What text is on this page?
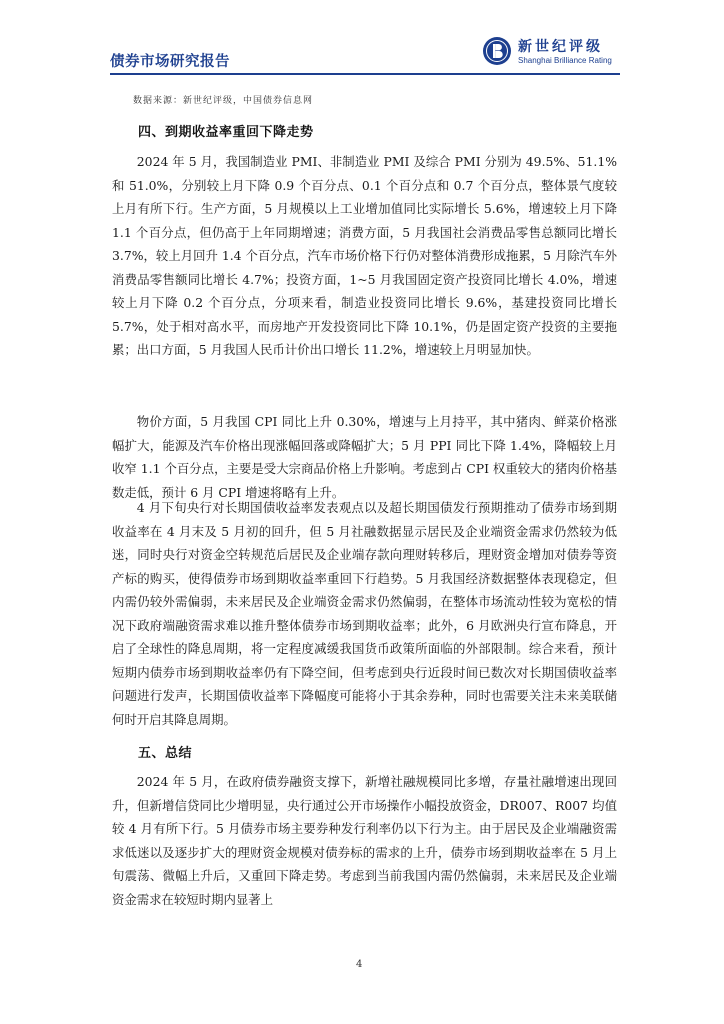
债券市场研究报告
新世纪评级
Shanghai Brilliance Rating
数据来源：新世纪评级，中国债券信息网
四、到期收益率重回下降走势

2024 年 5 月，我国制造业 PMI、非制造业 PMI 及综合 PMI 分别为 49.5%、51.1%和 51.0%，分别较上月下降 0.9 个百分点、0.1 个百分点和 0.7 个百分点，整体景气度较上月有所下行。生产方面，5 月规模以上工业增加值同比实际增长 5.6%，增速较上月下降 1.1 个百分点，但仍高于上年同期增速；消费方面，5 月我国社会消费品零售总额同比增长 3.7%，较上月回升 1.4 个百分点，汽车市场价格下行仍对整体消费形成拖累，5 月除汽车外消费品零售额同比增长 4.7%；投资方面，1~5 月我国固定资产投资同比增长 4.0%，增速较上月下降 0.2 个百分点，分项来看，制造业投资同比增长 9.6%，基建投资同比增长 5.7%，处于相对高水平，而房地产开发投资同比下降 10.1%，仍是固定资产投资的主要拖累；出口方面，5 月我国人民币计价出口增长 11.2%，增速较上月明显加快。

物价方面，5 月我国 CPI 同比上升 0.30%，增速与上月持平，其中猪肉、鲜菜价格涨幅扩大，能源及汽车价格出现涨幅回落或降幅扩大；5 月 PPI 同比下降 1.4%，降幅较上月收窄 1.1 个百分点，主要是受大宗商品价格上升影响。考虑到占 CPI 权重较大的猪肉价格基数走低，预计 6 月 CPI 增速将略有上升。

4 月下旬央行对长期国债收益率发表观点以及超长期国债发行预期推动了债券市场到期收益率在 4 月末及 5 月初的回升，但 5 月社融数据显示居民及企业端资金需求仍然较为低迷，同时央行对资金空转规范后居民及企业端存款向理财转移后，理财资金增加对债券等资产标的购买，使得债券市场到期收益率重回下行趋势。5 月我国经济数据整体表现稳定，但内需仍较外需偏弱，未来居民及企业端资金需求仍然偏弱，在整体市场流动性较为宽松的情况下政府端融资需求难以推升整体债券市场到期收益率；此外，6 月欧洲央行宣布降息，开启了全球性的降息周期，将一定程度减缓我国货币政策所面临的外部限制。综合来看，预计短期内债券市场到期收益率仍有下降空间，但考虑到央行近段时间已数次对长期国债收益率问题进行发声，长期国债收益率下降幅度可能将小于其余券种，同时也需要关注未来美联储何时开启其降息周期。

五、总结

2024 年 5 月，在政府债券融资支撑下，新增社融规模同比多增，存量社融增速出现回升，但新增信贷同比少增明显，央行通过公开市场操作小幅投放资金，DR007、R007 均值较 4 月有所下行。5 月债券市场主要券种发行利率仍以下行为主。由于居民及企业端融资需求低迷以及逐步扩大的理财资金规模对债券标的需求的上升，债券市场到期收益率在 5 月上旬震荡、微幅上升后，又重回下降走势。考虑到当前我国内需仍然偏弱，未来居民及企业端资金需求在较短时期内显著上

4
